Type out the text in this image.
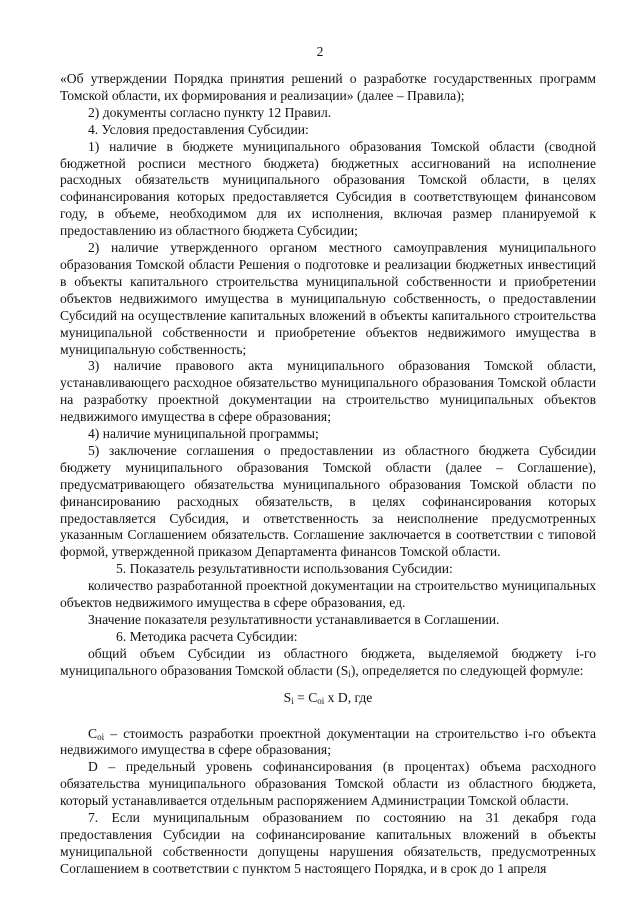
2

«Об утверждении Порядка принятия решений о разработке государственных программ Томской области, их формирования и реализации» (далее – Правила);

2) документы согласно пункту 12 Правил.

4. Условия предоставления Субсидии:

1) наличие в бюджете муниципального образования Томской области (сводной бюджетной росписи местного бюджета) бюджетных ассигнований на исполнение расходных обязательств муниципального образования Томской области, в целях софинансирования которых предоставляется Субсидия в соответствующем финансовом году, в объеме, необходимом для их исполнения, включая размер планируемой к предоставлению из областного бюджета Субсидии;

2) наличие утвержденного органом местного самоуправления муниципального образования Томской области Решения о подготовке и реализации бюджетных инвестиций в объекты капитального строительства муниципальной собственности и приобретении объектов недвижимого имущества в муниципальную собственность, о предоставлении Субсидий на осуществление капитальных вложений в объекты капитального строительства муниципальной собственности и приобретение объектов недвижимого имущества в муниципальную собственность;

3) наличие правового акта муниципального образования Томской области, устанавливающего расходное обязательство муниципального образования Томской области на разработку проектной документации на строительство муниципальных объектов недвижимого имущества в сфере образования;

4) наличие муниципальной программы;

5) заключение соглашения о предоставлении из областного бюджета Субсидии бюджету муниципального образования Томской области (далее – Соглашение), предусматривающего обязательства муниципального образования Томской области по финансированию расходных обязательств, в целях софинансирования которых предоставляется Субсидия, и ответственность за неисполнение предусмотренных указанным Соглашением обязательств. Соглашение заключается в соответствии с типовой формой, утвержденной приказом Департамента финансов Томской области.

5. Показатель результативности использования Субсидии:

количество разработанной проектной документации на строительство муниципальных объектов недвижимого имущества в сфере образования, ед.

Значение показателя результативности устанавливается в Соглашении.

6. Методика расчета Субсидии:

общий объем Субсидии из областного бюджета, выделяемой бюджету i-го муниципального образования Томской области $(S_i)$, определяется по следующей формуле:

$S_i = C_{oi}$ x D, где

$C_{oi}$ – стоимость разработки проектной документации на строительство i-го объекта недвижимого имущества в сфере образования;

D – предельный уровень софинансирования (в процентах) объема расходного обязательства муниципального образования Томской области из областного бюджета, который устанавливается отдельным распоряжением Администрации Томской области.

7. Если муниципальным образованием по состоянию на 31 декабря года предоставления Субсидии на софинансирование капитальных вложений в объекты муниципальной собственности допущены нарушения обязательств, предусмотренных Соглашением в соответствии с пунктом 5 настоящего Порядка, и в срок до 1 апреля
